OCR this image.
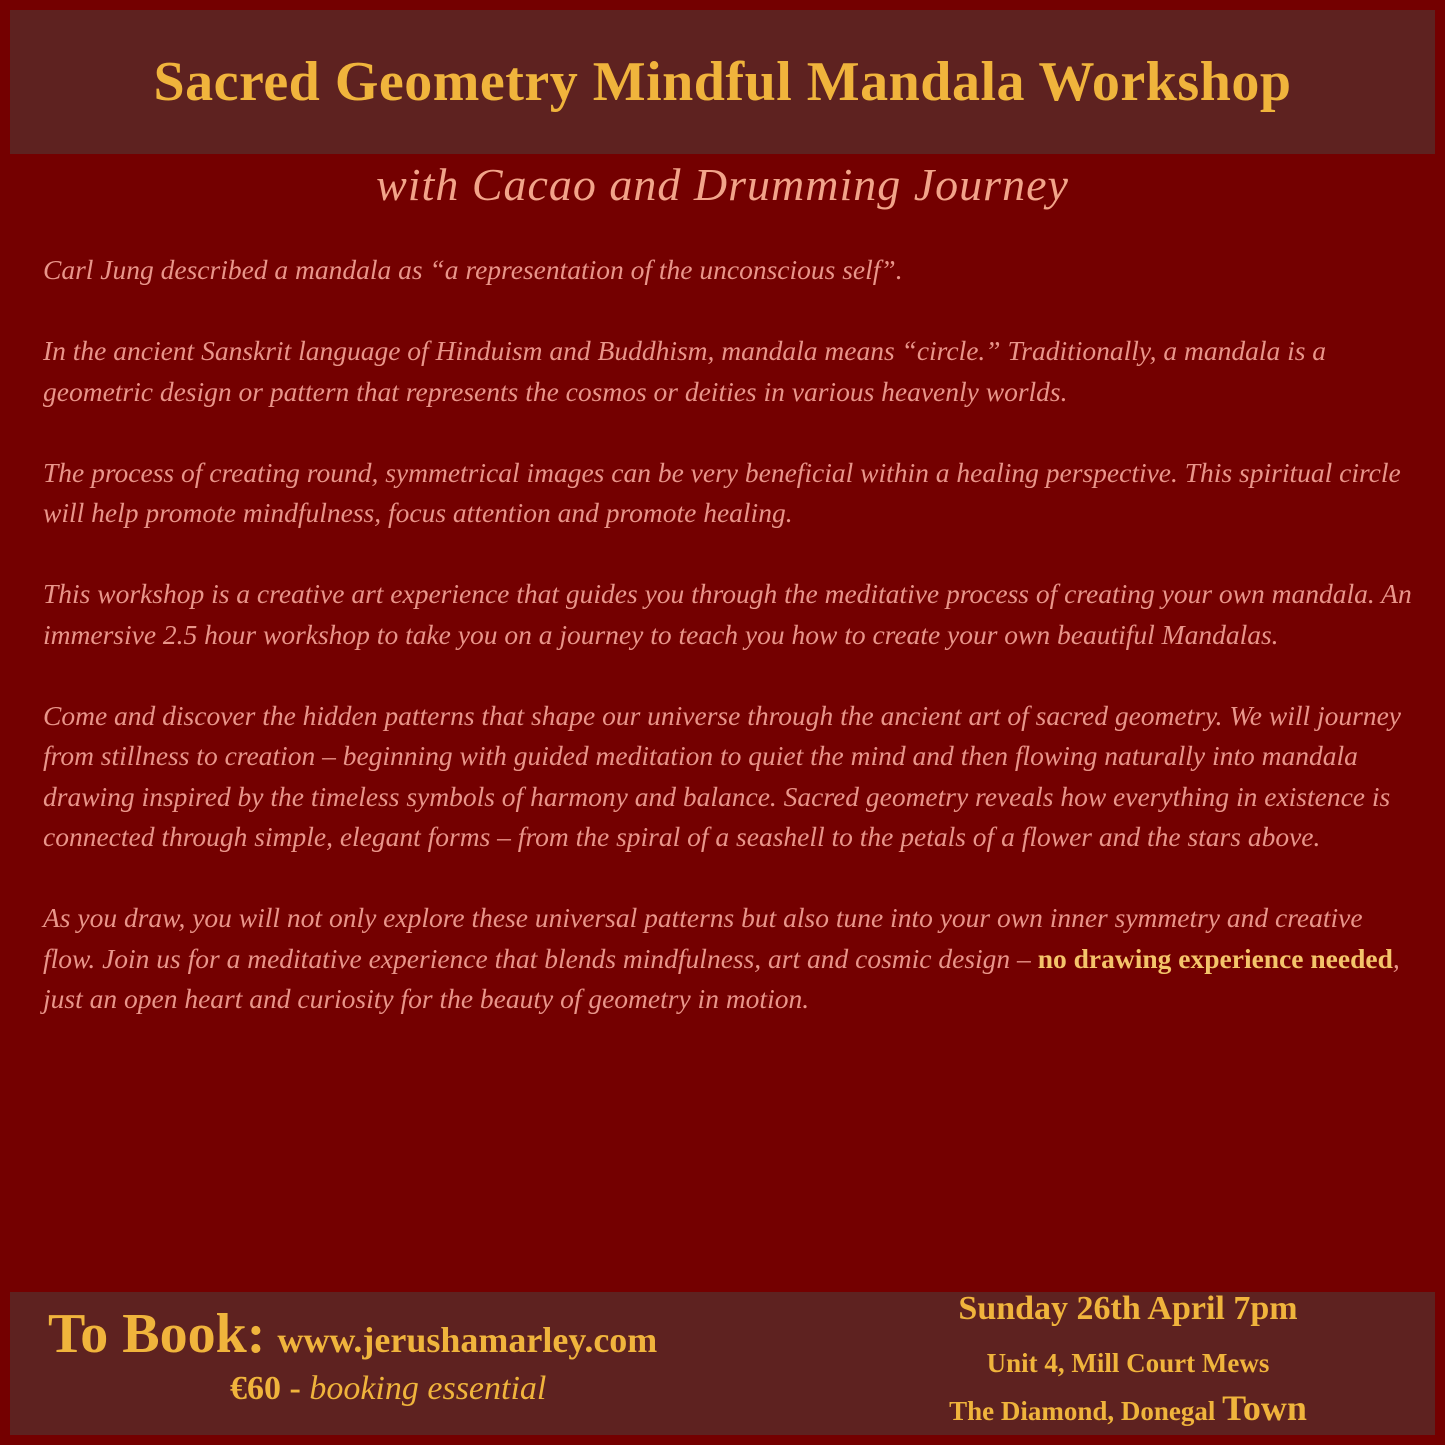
Sacred Geometry Mindful Mandala Workshop
with Cacao and Drumming Journey

Carl Jung described a mandala as “a representation of the unconscious self”.

In the ancient Sanskrit language of Hinduism and Buddhism, mandala means “circle.” Traditionally, a mandala is a geometric design or pattern that represents the cosmos or deities in various heavenly worlds.

The process of creating round, symmetrical images can be very beneficial within a healing perspective. This spiritual circle will help promote mindfulness, focus attention and promote healing.

This workshop is a creative art experience that guides you through the meditative process of creating your own mandala. An immersive 2.5 hour workshop to take you on a journey to teach you how to create your own beautiful Mandalas.

Come and discover the hidden patterns that shape our universe through the ancient art of sacred geometry. We will journey from stillness to creation – beginning with guided meditation to quiet the mind and then flowing naturally into mandala drawing inspired by the timeless symbols of harmony and balance. Sacred geometry reveals how everything in existence is connected through simple, elegant forms – from the spiral of a seashell to the petals of a flower and the stars above.

As you draw, you will not only explore these universal patterns but also tune into your own inner symmetry and creative flow. Join us for a meditative experience that blends mindfulness, art and cosmic design – no drawing experience needed, just an open heart and curiosity for the beauty of geometry in motion.

To Book: www.jerushamarley.com
€60 - booking essential
Sunday 26th April 7pm
Unit 4, Mill Court Mews
The Diamond, Donegal Town
